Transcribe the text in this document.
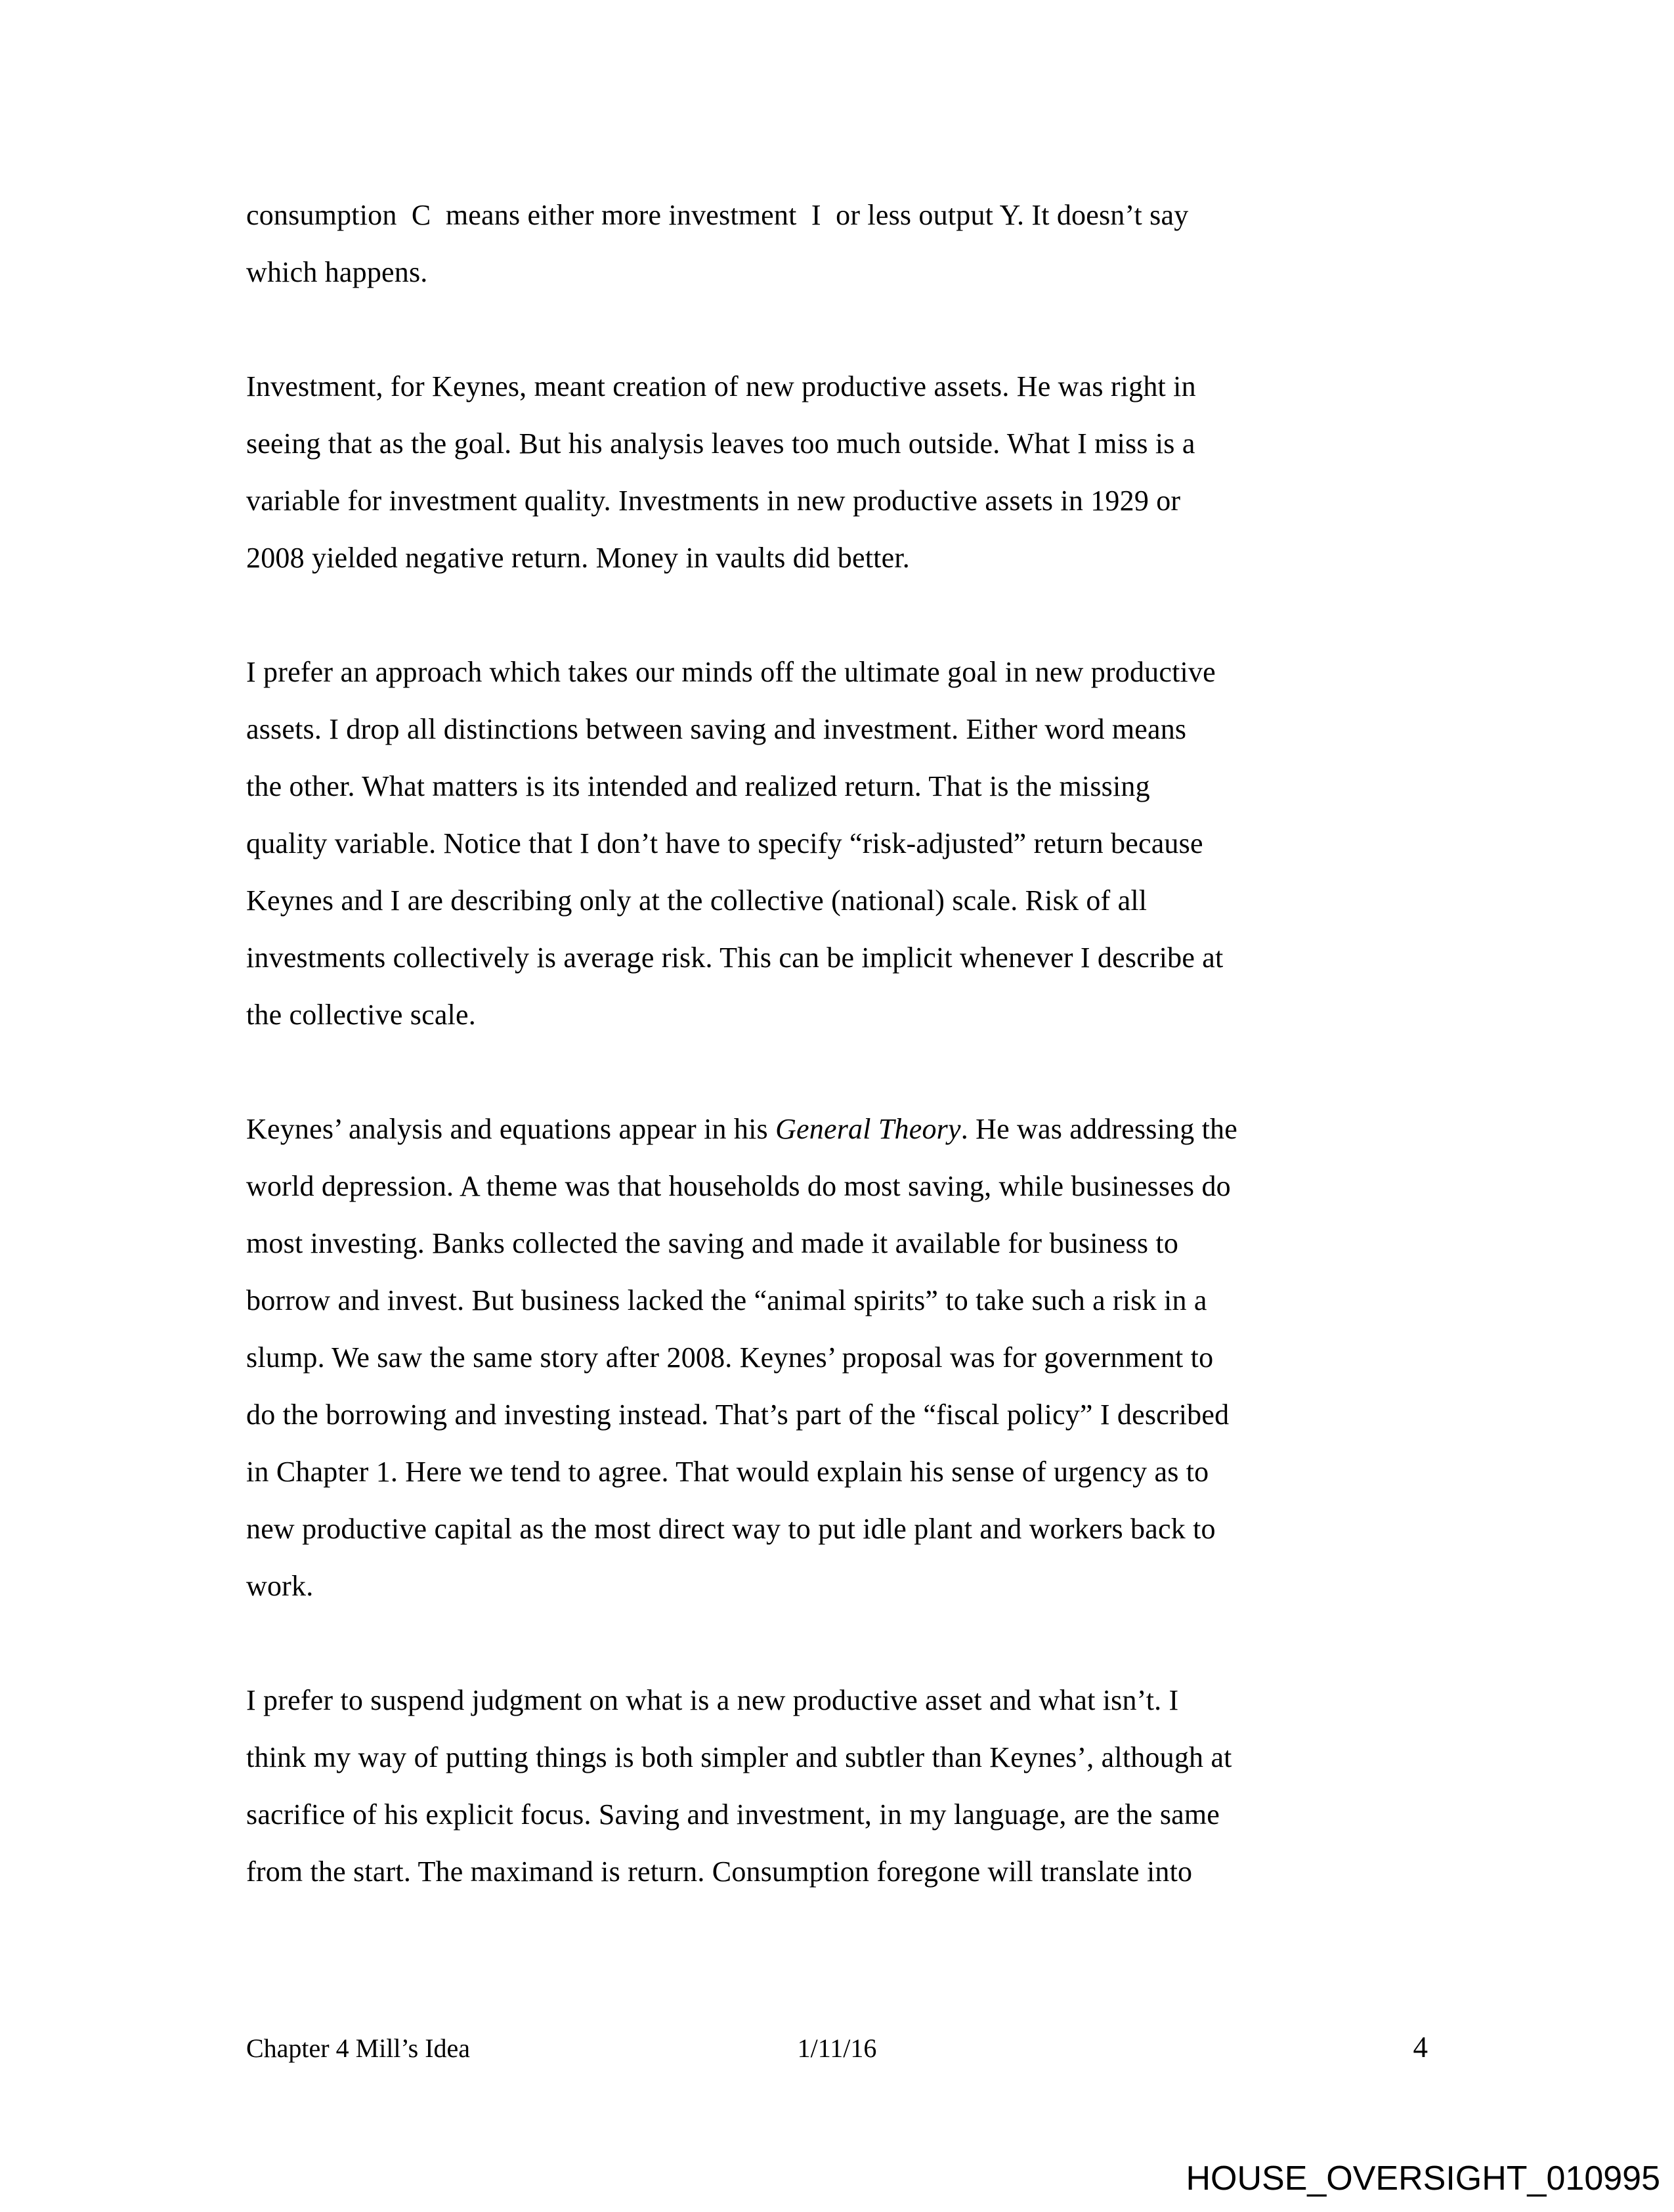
consumption  C  means either more investment  I  or less output Y. It doesn’t say
which happens.

Investment, for Keynes, meant creation of new productive assets. He was right in
seeing that as the goal. But his analysis leaves too much outside. What I miss is a
variable for investment quality. Investments in new productive assets in 1929 or
2008 yielded negative return. Money in vaults did better.

I prefer an approach which takes our minds off the ultimate goal in new productive
assets. I drop all distinctions between saving and investment. Either word means
the other. What matters is its intended and realized return. That is the missing
quality variable. Notice that I don’t have to specify “risk-adjusted” return because
Keynes and I are describing only at the collective (national) scale. Risk of all
investments collectively is average risk. This can be implicit whenever I describe at
the collective scale.

Keynes’ analysis and equations appear in his General Theory. He was addressing the
world depression. A theme was that households do most saving, while businesses do
most investing. Banks collected the saving and made it available for business to
borrow and invest. But business lacked the “animal spirits” to take such a risk in a
slump. We saw the same story after 2008. Keynes’ proposal was for government to
do the borrowing and investing instead. That’s part of the “fiscal policy” I described
in Chapter 1. Here we tend to agree. That would explain his sense of urgency as to
new productive capital as the most direct way to put idle plant and workers back to
work.

I prefer to suspend judgment on what is a new productive asset and what isn’t. I
think my way of putting things is both simpler and subtler than Keynes’, although at
sacrifice of his explicit focus. Saving and investment, in my language, are the same
from the start. The maximand is return. Consumption foregone will translate into

Chapter 4 Mill’s Idea	1/11/16	4
HOUSE_OVERSIGHT_010995
